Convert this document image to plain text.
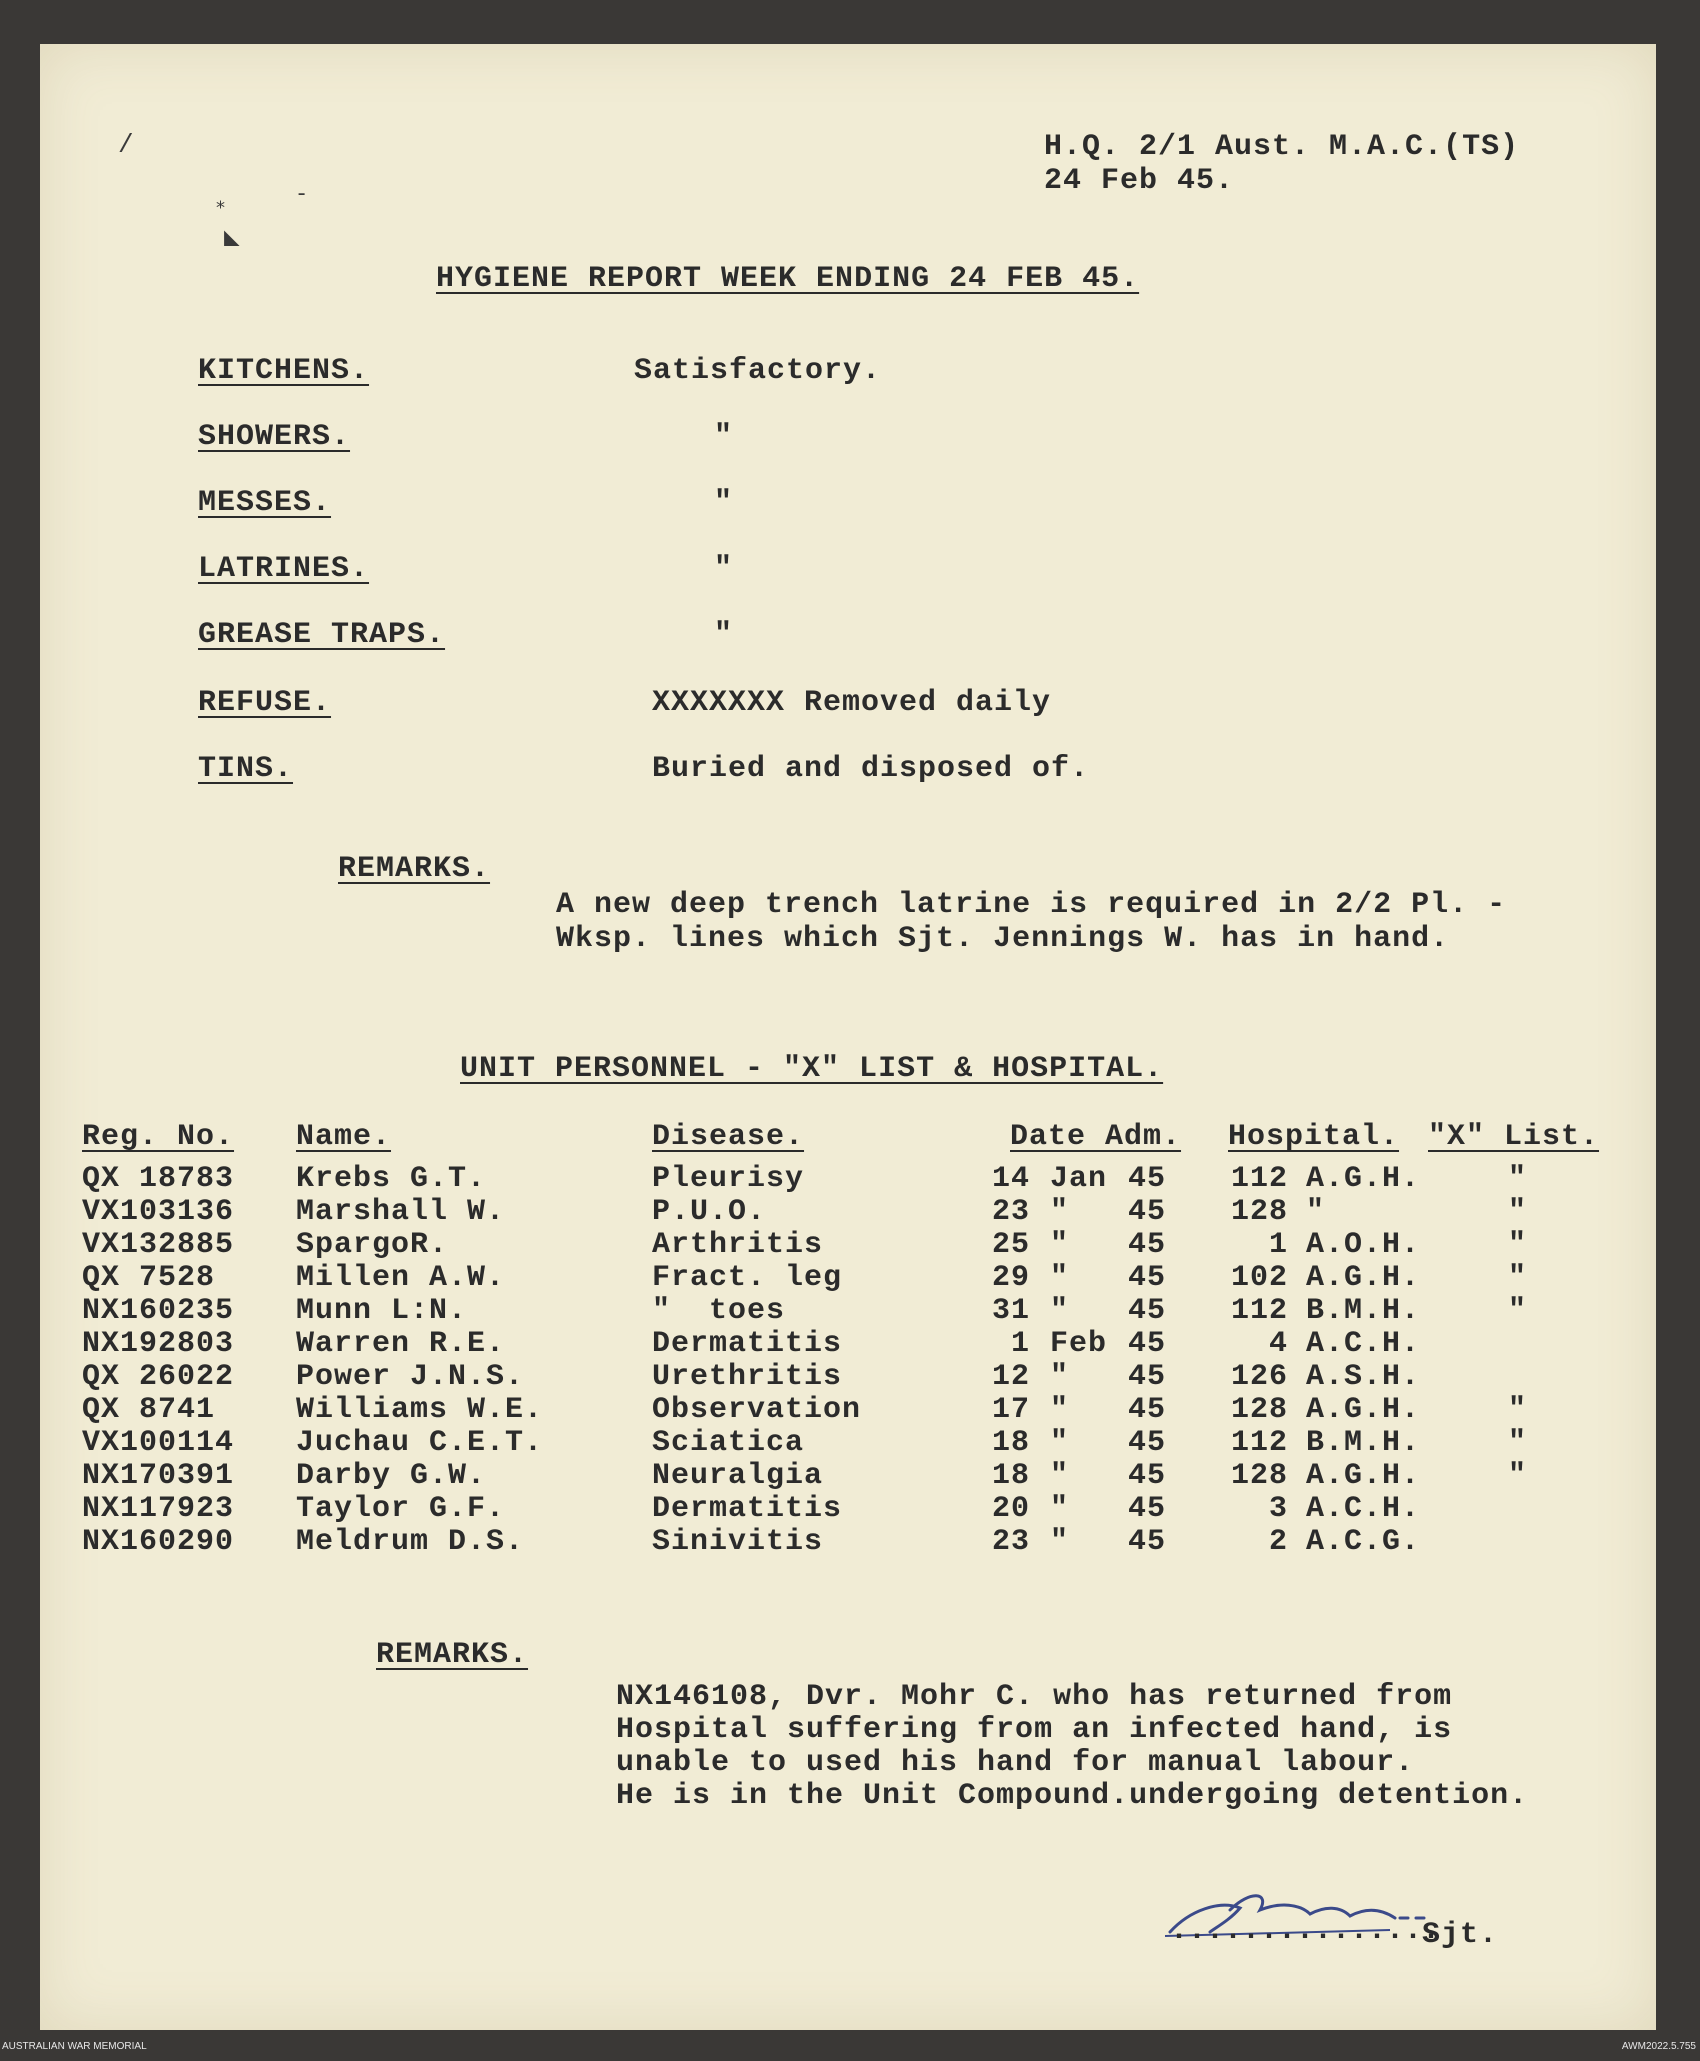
/
⁎	-
◣
H.Q. 2/1 Aust. M.A.C.(TS)
24 Feb 45.
HYGIENE REPORT WEEK ENDING 24 FEB 45.
KITCHENS.	Satisfactory.
SHOWERS.	"
MESSES.	"
LATRINES.	"
GREASE TRAPS.	"
REFUSE.	XXXXXXX Removed daily
TINS.	Buried and disposed of.
REMARKS.
A new deep trench latrine is required in 2/2 Pl. -
Wksp. lines which Sjt. Jennings W. has in hand.
UNIT PERSONNEL - "X" LIST & HOSPITAL.
Reg. No. Name.	Disease.	Date Adm. Hospital. "X" List.
QX 18783 Krebs G.T.	Pleurisy	14 Jan 45 112 A.G.H.	"
VX103136 Marshall W.	P.U.O.	23 " 45 128 "	"
VX132885 SpargoR.	Arthritis	25 " 45	1 A.O.H.	"
QX 7528	Millen A.W.	Fract. leg	29 " 45 102 A.G.H.	"
NX160235 Munn L:N.	"  toes	31 " 45 112 B.M.H.	"
NX192803 Warren R.E.	Dermatitis	1 Feb 45	4 A.C.H.
QX 26022 Power J.N.S.	Urethritis	12 " 45 126 A.S.H.
QX 8741	Williams W.E.	Observation	17 " 45 128 A.G.H.	"
VX100114 Juchau C.E.T.	Sciatica	18 " 45 112 B.M.H.	"
NX170391 Darby G.W.	Neuralgia	18 " 45 128 A.G.H.	"
NX117923 Taylor G.F.	Dermatitis	20 " 45	3 A.C.H.
NX160290 Meldrum D.S.	Sinivitis	23 " 45	2 A.C.G.
REMARKS.
NX146108, Dvr. Mohr C. who has returned from
Hospital suffering from an infected hand, is
unable to used his hand for manual labour.
He is in the Unit Compound.undergoing detention.
...............
Sjt.
AUSTRALIAN WAR MEMORIAL	AWM2022.5.755
